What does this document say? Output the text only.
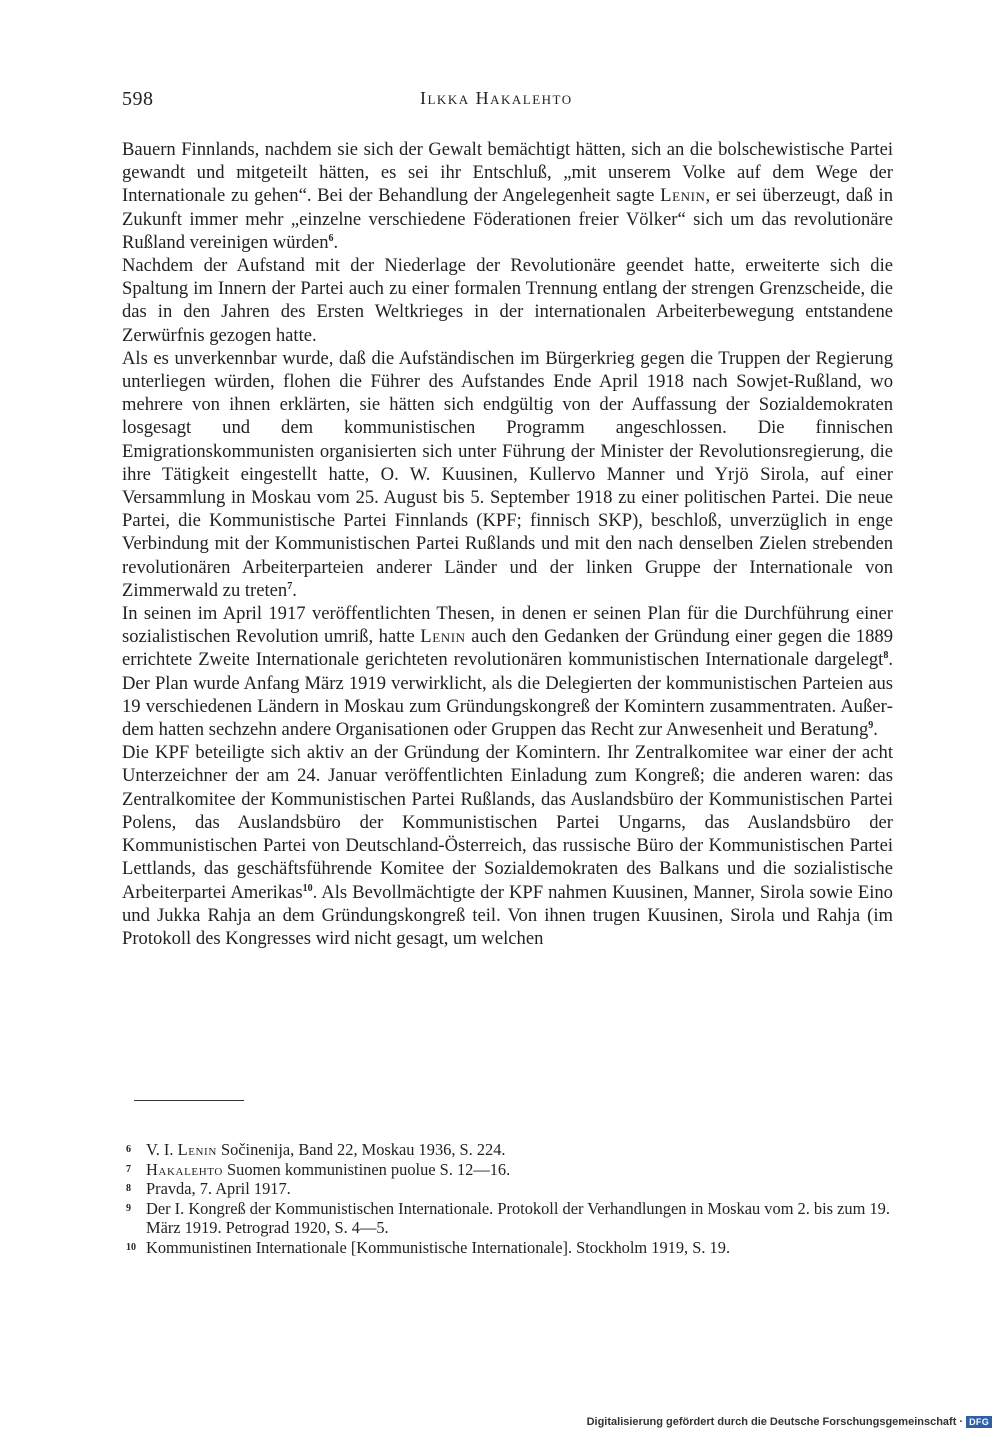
598	Ilkka Hakalehto

Bauern Finnlands, nachdem sie sich der Gewalt bemächtigt hätten, sich an die bolschewistische Partei gewandt und mitgeteilt hätten, es sei ihr Entschluß, „mit unserem Volke auf dem Wege der Internationale zu gehen“. Bei der Behandlung der Angelegenheit sagte Lenin, er sei überzeugt, daß in Zukunft immer mehr „einzelne verschiedene Föderationen freier Völker“ sich um das revolutionäre Rußland vereinigen würden$^6$.

Nachdem der Aufstand mit der Niederlage der Revolutionäre geendet hatte, erweiterte sich die Spaltung im Innern der Partei auch zu einer formalen Trennung entlang der strengen Grenzscheide, die das in den Jahren des Ersten Weltkrieges in der internationalen Arbeiterbewegung entstandene Zerwürfnis gezogen hatte.

Als es unverkennbar wurde, daß die Aufständischen im Bürgerkrieg gegen die Truppen der Regierung unterliegen würden, flohen die Führer des Aufstandes Ende April 1918 nach Sowjet-Rußland, wo mehrere von ihnen erklärten, sie hätten sich endgültig von der Auffassung der Sozialdemokraten losgesagt und dem kommunistischen Programm angeschlossen. Die finnischen Emigrationskommunisten organisierten sich unter Führung der Minister der Revolutionsregierung, die ihre Tätigkeit eingestellt hatte, O. W. Kuusinen, Kullervo Manner und Yrjö Sirola, auf einer Versammlung in Moskau vom 25. August bis 5. September 1918 zu einer politischen Partei. Die neue Partei, die Kommunistische Partei Finnlands (KPF; finnisch SKP), beschloß, unverzüglich in enge Verbindung mit der Kommunistischen Partei Rußlands und mit den nach denselben Zielen strebenden revolutionären Arbeiterparteien anderer Länder und der linken Gruppe der Internationale von Zimmerwald zu treten$^7$.

In seinen im April 1917 veröffentlichten Thesen, in denen er seinen Plan für die Durchführung einer sozialistischen Revolution umriß, hatte Lenin auch den Gedanken der Gründung einer gegen die 1889 errichtete Zweite Internationale gerichteten revolutionären kommunistischen Internationale dargelegt$^8$. Der Plan wurde Anfang März 1919 verwirklicht, als die Delegierten der kommunistischen Parteien aus 19 verschiedenen Ländern in Moskau zum Gründungskongreß der Komintern zusammentraten. Außerdem hatten sechzehn andere Organisationen oder Gruppen das Recht zur Anwesenheit und Beratung$^9$.

Die KPF beteiligte sich aktiv an der Gründung der Komintern. Ihr Zentralkomitee war einer der acht Unterzeichner der am 24. Januar veröffentlichten Einladung zum Kongreß; die anderen waren: das Zentralkomitee der Kommunistischen Partei Rußlands, das Auslandsbüro der Kommunistischen Partei Polens, das Auslandsbüro der Kommunistischen Partei Ungarns, das Auslandsbüro der Kommunistischen Partei von Deutschland-Österreich, das russische Büro der Kommunistischen Partei Lettlands, das geschäftsführende Komitee der Sozialdemokraten des Balkans und die sozialistische Arbeiterpartei Amerikas$^{10}$. Als Bevollmächtigte der KPF nahmen Kuusinen, Manner, Sirola sowie Eino und Jukka Rahja an dem Gründungskongreß teil. Von ihnen trugen Kuusinen, Sirola und Rahja (im Protokoll des Kongresses wird nicht gesagt, um welchen

6 V. I. Lenin Sočinenija, Band 22, Moskau 1936, S. 224.
7 Hakalehto Suomen kommunistinen puolue S. 12—16.
8 Pravda, 7. April 1917.
9 Der I. Kongreß der Kommunistischen Internationale. Protokoll der Verhandlungen in Moskau vom 2. bis zum 19. März 1919. Petrograd 1920, S. 4—5.
10 Kommunistinen Internationale [Kommunistische Internationale]. Stockholm 1919, S. 19.
Digitalisierung gefördert durch die Deutsche Forschungsgemeinschaft · DFG
